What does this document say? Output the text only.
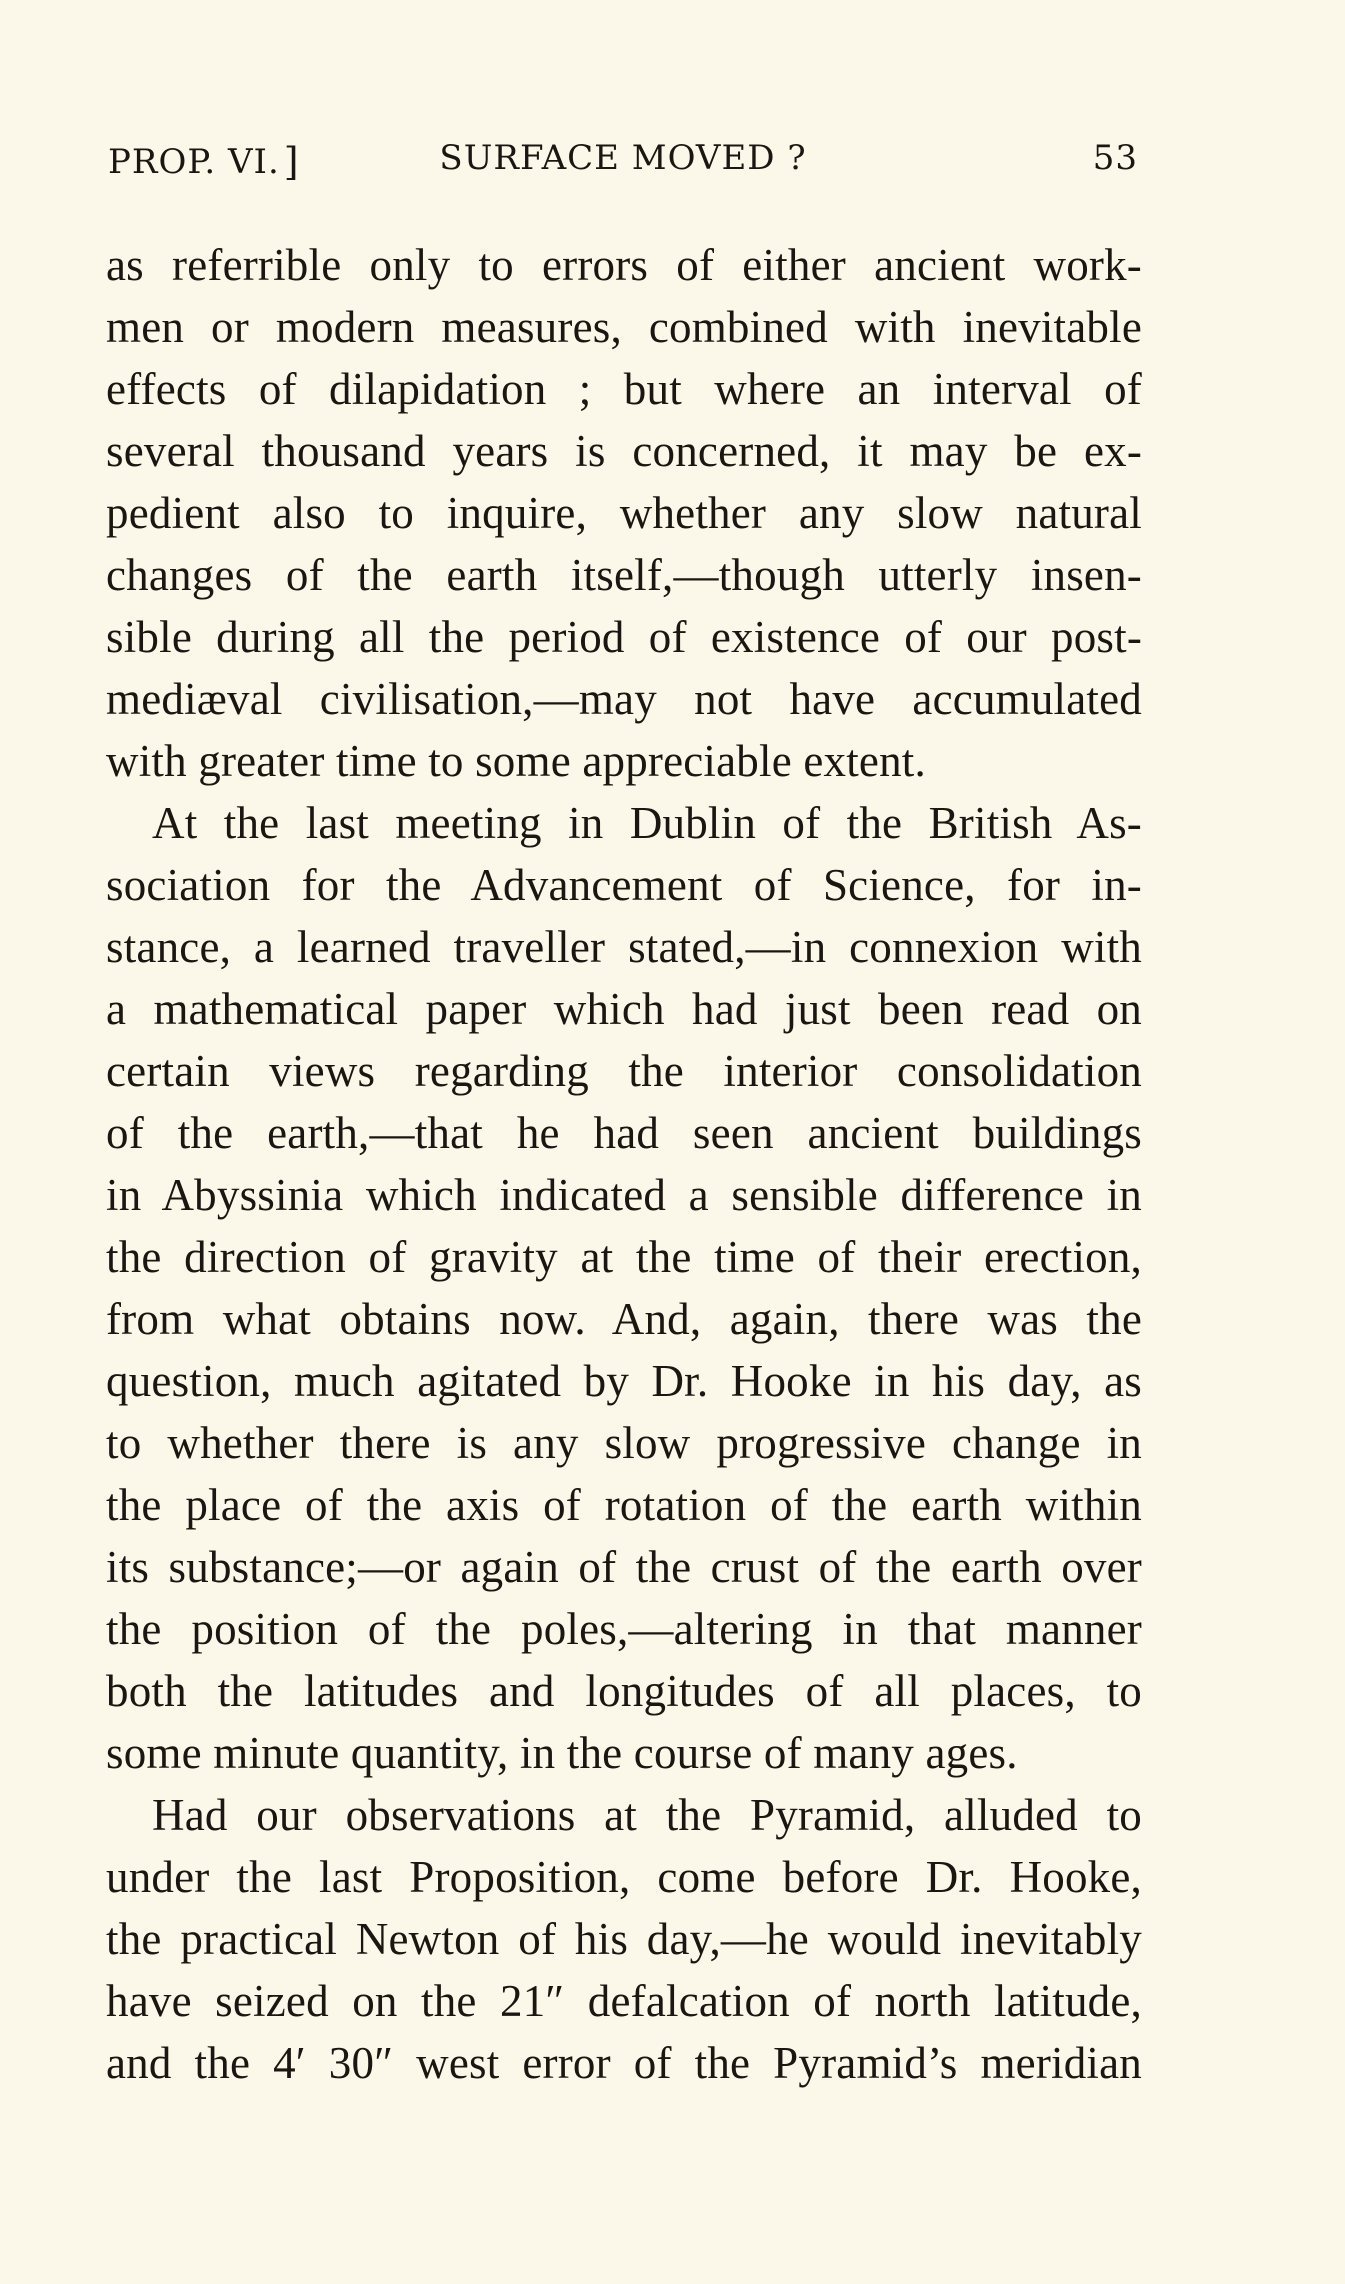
PROP. VI. ]	SURFACE MOVED ?	53
as referrible only to errors of either ancient work-
men or modern measures, combined with inevitable
effects of dilapidation ; but where an interval of
several thousand years is concerned, it may be ex-
pedient also to inquire, whether any slow natural
changes of the earth itself,—though utterly insen-
sible during all the period of existence of our post-
mediæval civilisation,—may not have accumulated
with greater time to some appreciable extent.
At the last meeting in Dublin of the British As-
sociation for the Advancement of Science, for in-
stance, a learned traveller stated,—in connexion with
a mathematical paper which had just been read on
certain views regarding the interior consolidation
of the earth,—that he had seen ancient buildings
in Abyssinia which indicated a sensible difference in
the direction of gravity at the time of their erection,
from what obtains now. And, again, there was the
question, much agitated by Dr. Hooke in his day, as
to whether there is any slow progressive change in
the place of the axis of rotation of the earth within
its substance;—or again of the crust of the earth over
the position of the poles,—altering in that manner
both the latitudes and longitudes of all places, to
some minute quantity, in the course of many ages.
Had our observations at the Pyramid, alluded to
under the last Proposition, come before Dr. Hooke,
the practical Newton of his day,—he would inevitably
have seized on the 21″ defalcation of north latitude,
and the 4′ 30″ west error of the Pyramid’s meridian
